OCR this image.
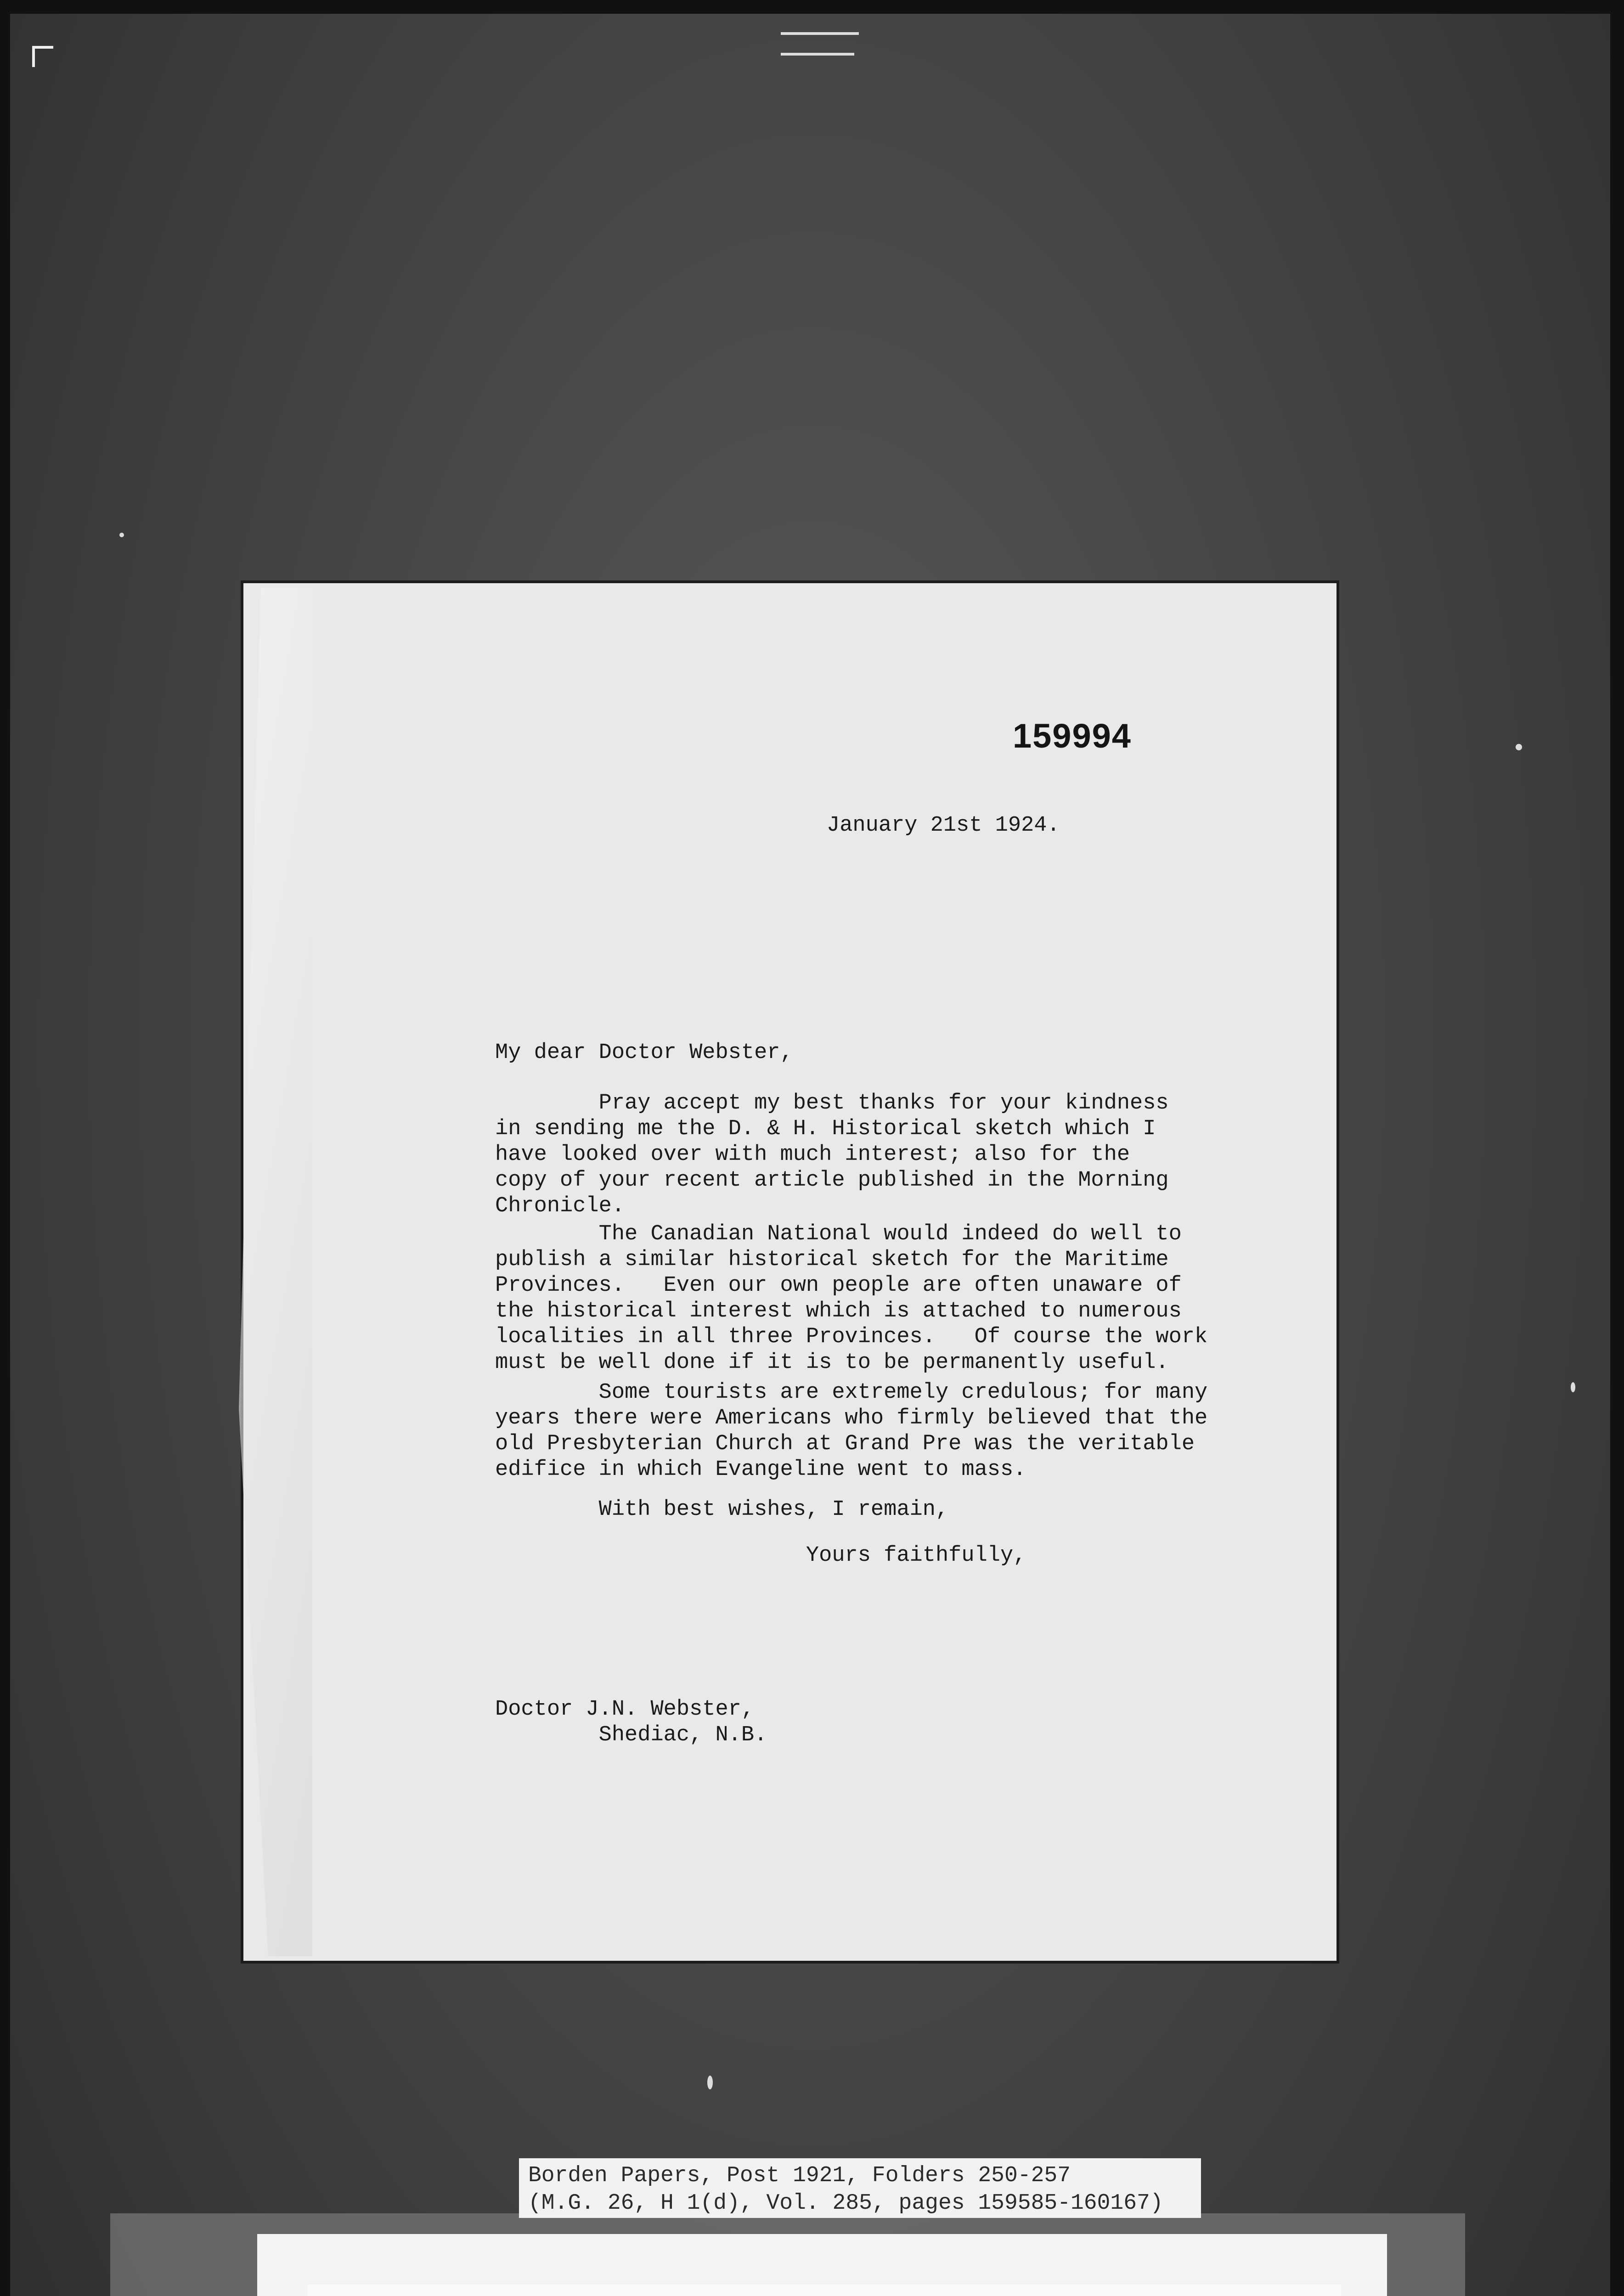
159994
January 21st 1924.
My dear Doctor Webster,
Pray accept my best thanks for your kindness
in sending me the D. & H. Historical sketch which I
have looked over with much interest; also for the
copy of your recent article published in the Morning
Chronicle.
The Canadian National would indeed do well to
publish a similar historical sketch for the Maritime
Provinces.   Even our own people are often unaware of
the historical interest which is attached to numerous
localities in all three Provinces.   Of course the work
must be well done if it is to be permanently useful.
Some tourists are extremely credulous; for many
years there were Americans who firmly believed that the
old Presbyterian Church at Grand Pre was the veritable
edifice in which Evangeline went to mass.
With best wishes, I remain,
Yours faithfully,
Doctor J.N. Webster,
Shediac, N.B.
Borden Papers, Post 1921, Folders 250-257
(M.G. 26, H 1(d), Vol. 285, pages 159585-160167)
